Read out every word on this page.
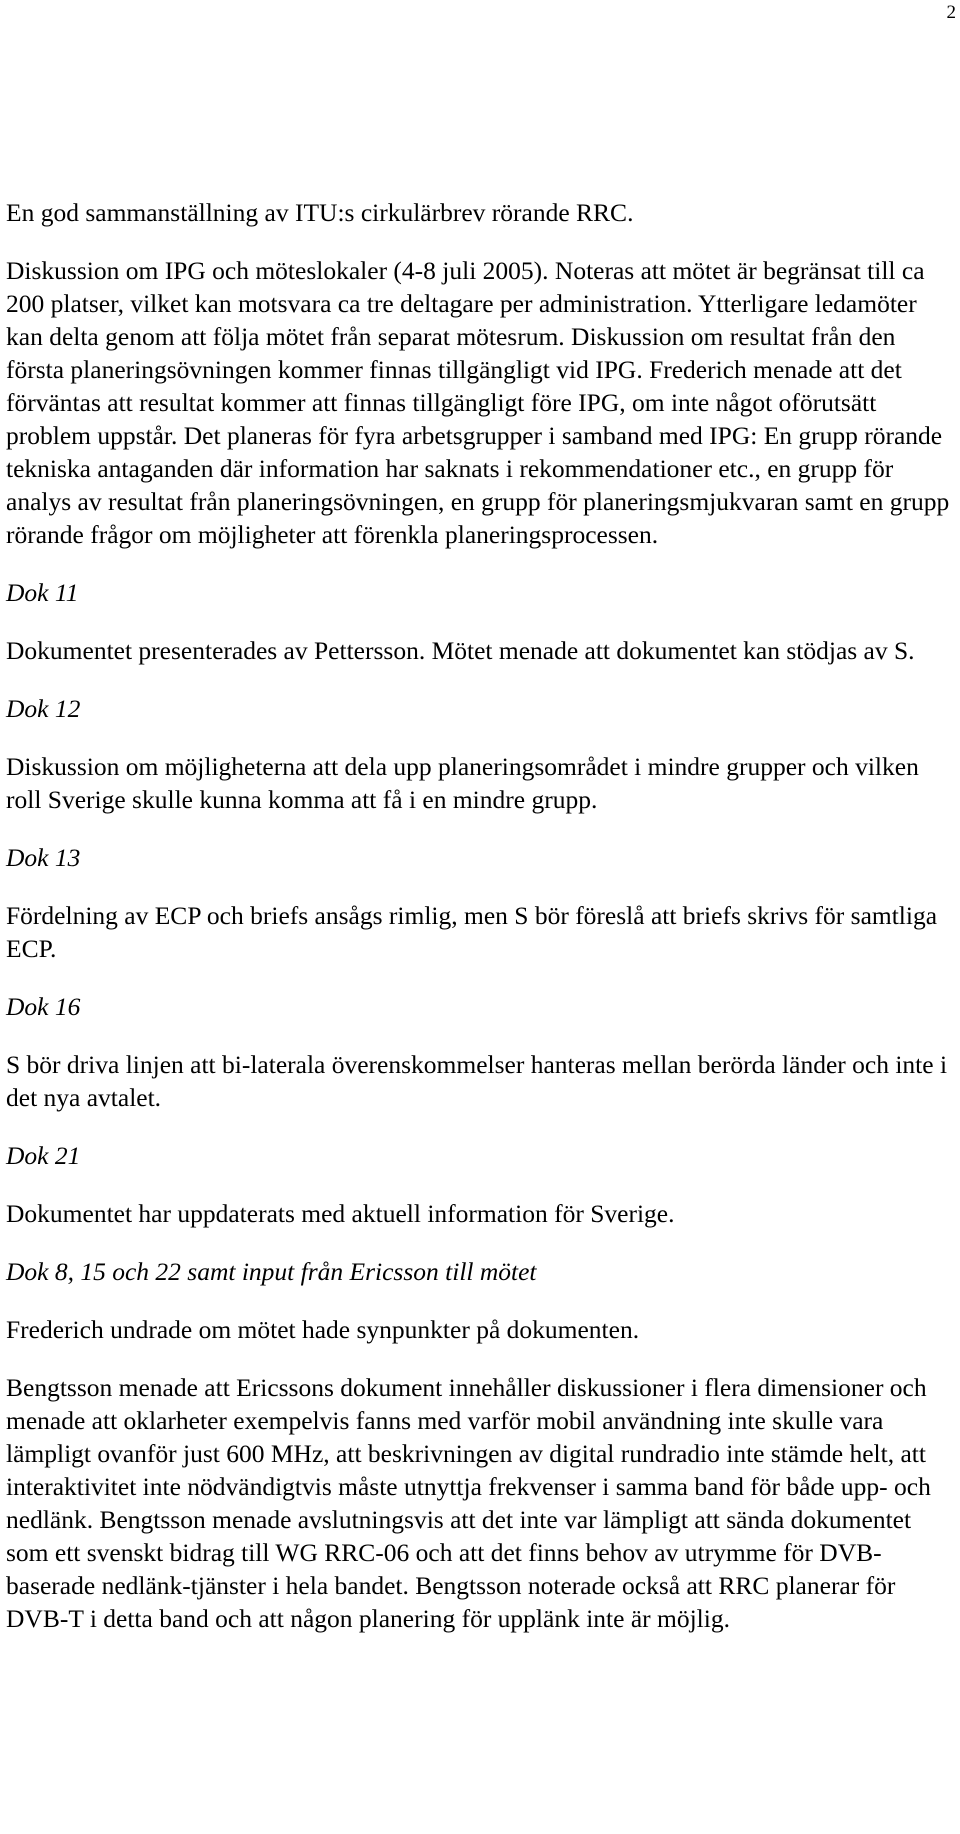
2

En god sammanställning av ITU:s cirkulärbrev rörande RRC.

Diskussion om IPG och möteslokaler (4-8 juli 2005). Noteras att mötet är begränsat till ca 200 platser, vilket kan motsvara ca tre deltagare per administration. Ytterligare ledamöter kan delta genom att följa mötet från separat mötesrum. Diskussion om resultat från den första planeringsövningen kommer finnas tillgängligt vid IPG. Frederich menade att det förväntas att resultat kommer att finnas tillgängligt före IPG, om inte något oförutsätt problem uppstår. Det planeras för fyra arbetsgrupper i samband med IPG: En grupp rörande tekniska antaganden där information har saknats i rekommendationer etc., en grupp för analys av resultat från planeringsövningen, en grupp för planeringsmjukvaran samt en grupp rörande frågor om möjligheter att förenkla planeringsprocessen.

Dok 11

Dokumentet presenterades av Pettersson. Mötet menade att dokumentet kan stödjas av S.

Dok 12

Diskussion om möjligheterna att dela upp planeringsområdet i mindre grupper och vilken roll Sverige skulle kunna komma att få i en mindre grupp.

Dok 13

Fördelning av ECP och briefs ansågs rimlig, men S bör föreslå att briefs skrivs för samtliga ECP.

Dok 16

S bör driva linjen att bi-laterala överenskommelser hanteras mellan berörda länder och inte i det nya avtalet.

Dok 21

Dokumentet har uppdaterats med aktuell information för Sverige.

Dok 8, 15 och 22 samt input från Ericsson till mötet

Frederich undrade om mötet hade synpunkter på dokumenten.

Bengtsson menade att Ericssons dokument innehåller diskussioner i flera dimensioner och menade att oklarheter exempelvis fanns med varför mobil användning inte skulle vara lämpligt ovanför just 600 MHz, att beskrivningen av digital rundradio inte stämde helt, att interaktivitet inte nödvändigtvis måste utnyttja frekvenser i samma band för både upp- och nedlänk. Bengtsson menade avslutningsvis att det inte var lämpligt att sända dokumentet som ett svenskt bidrag till WG RRC-06 och att det finns behov av utrymme för DVB-baserade nedlänk-tjänster i hela bandet. Bengtsson noterade också att RRC planerar för DVB-T i detta band och att någon planering för upplänk inte är möjlig.
